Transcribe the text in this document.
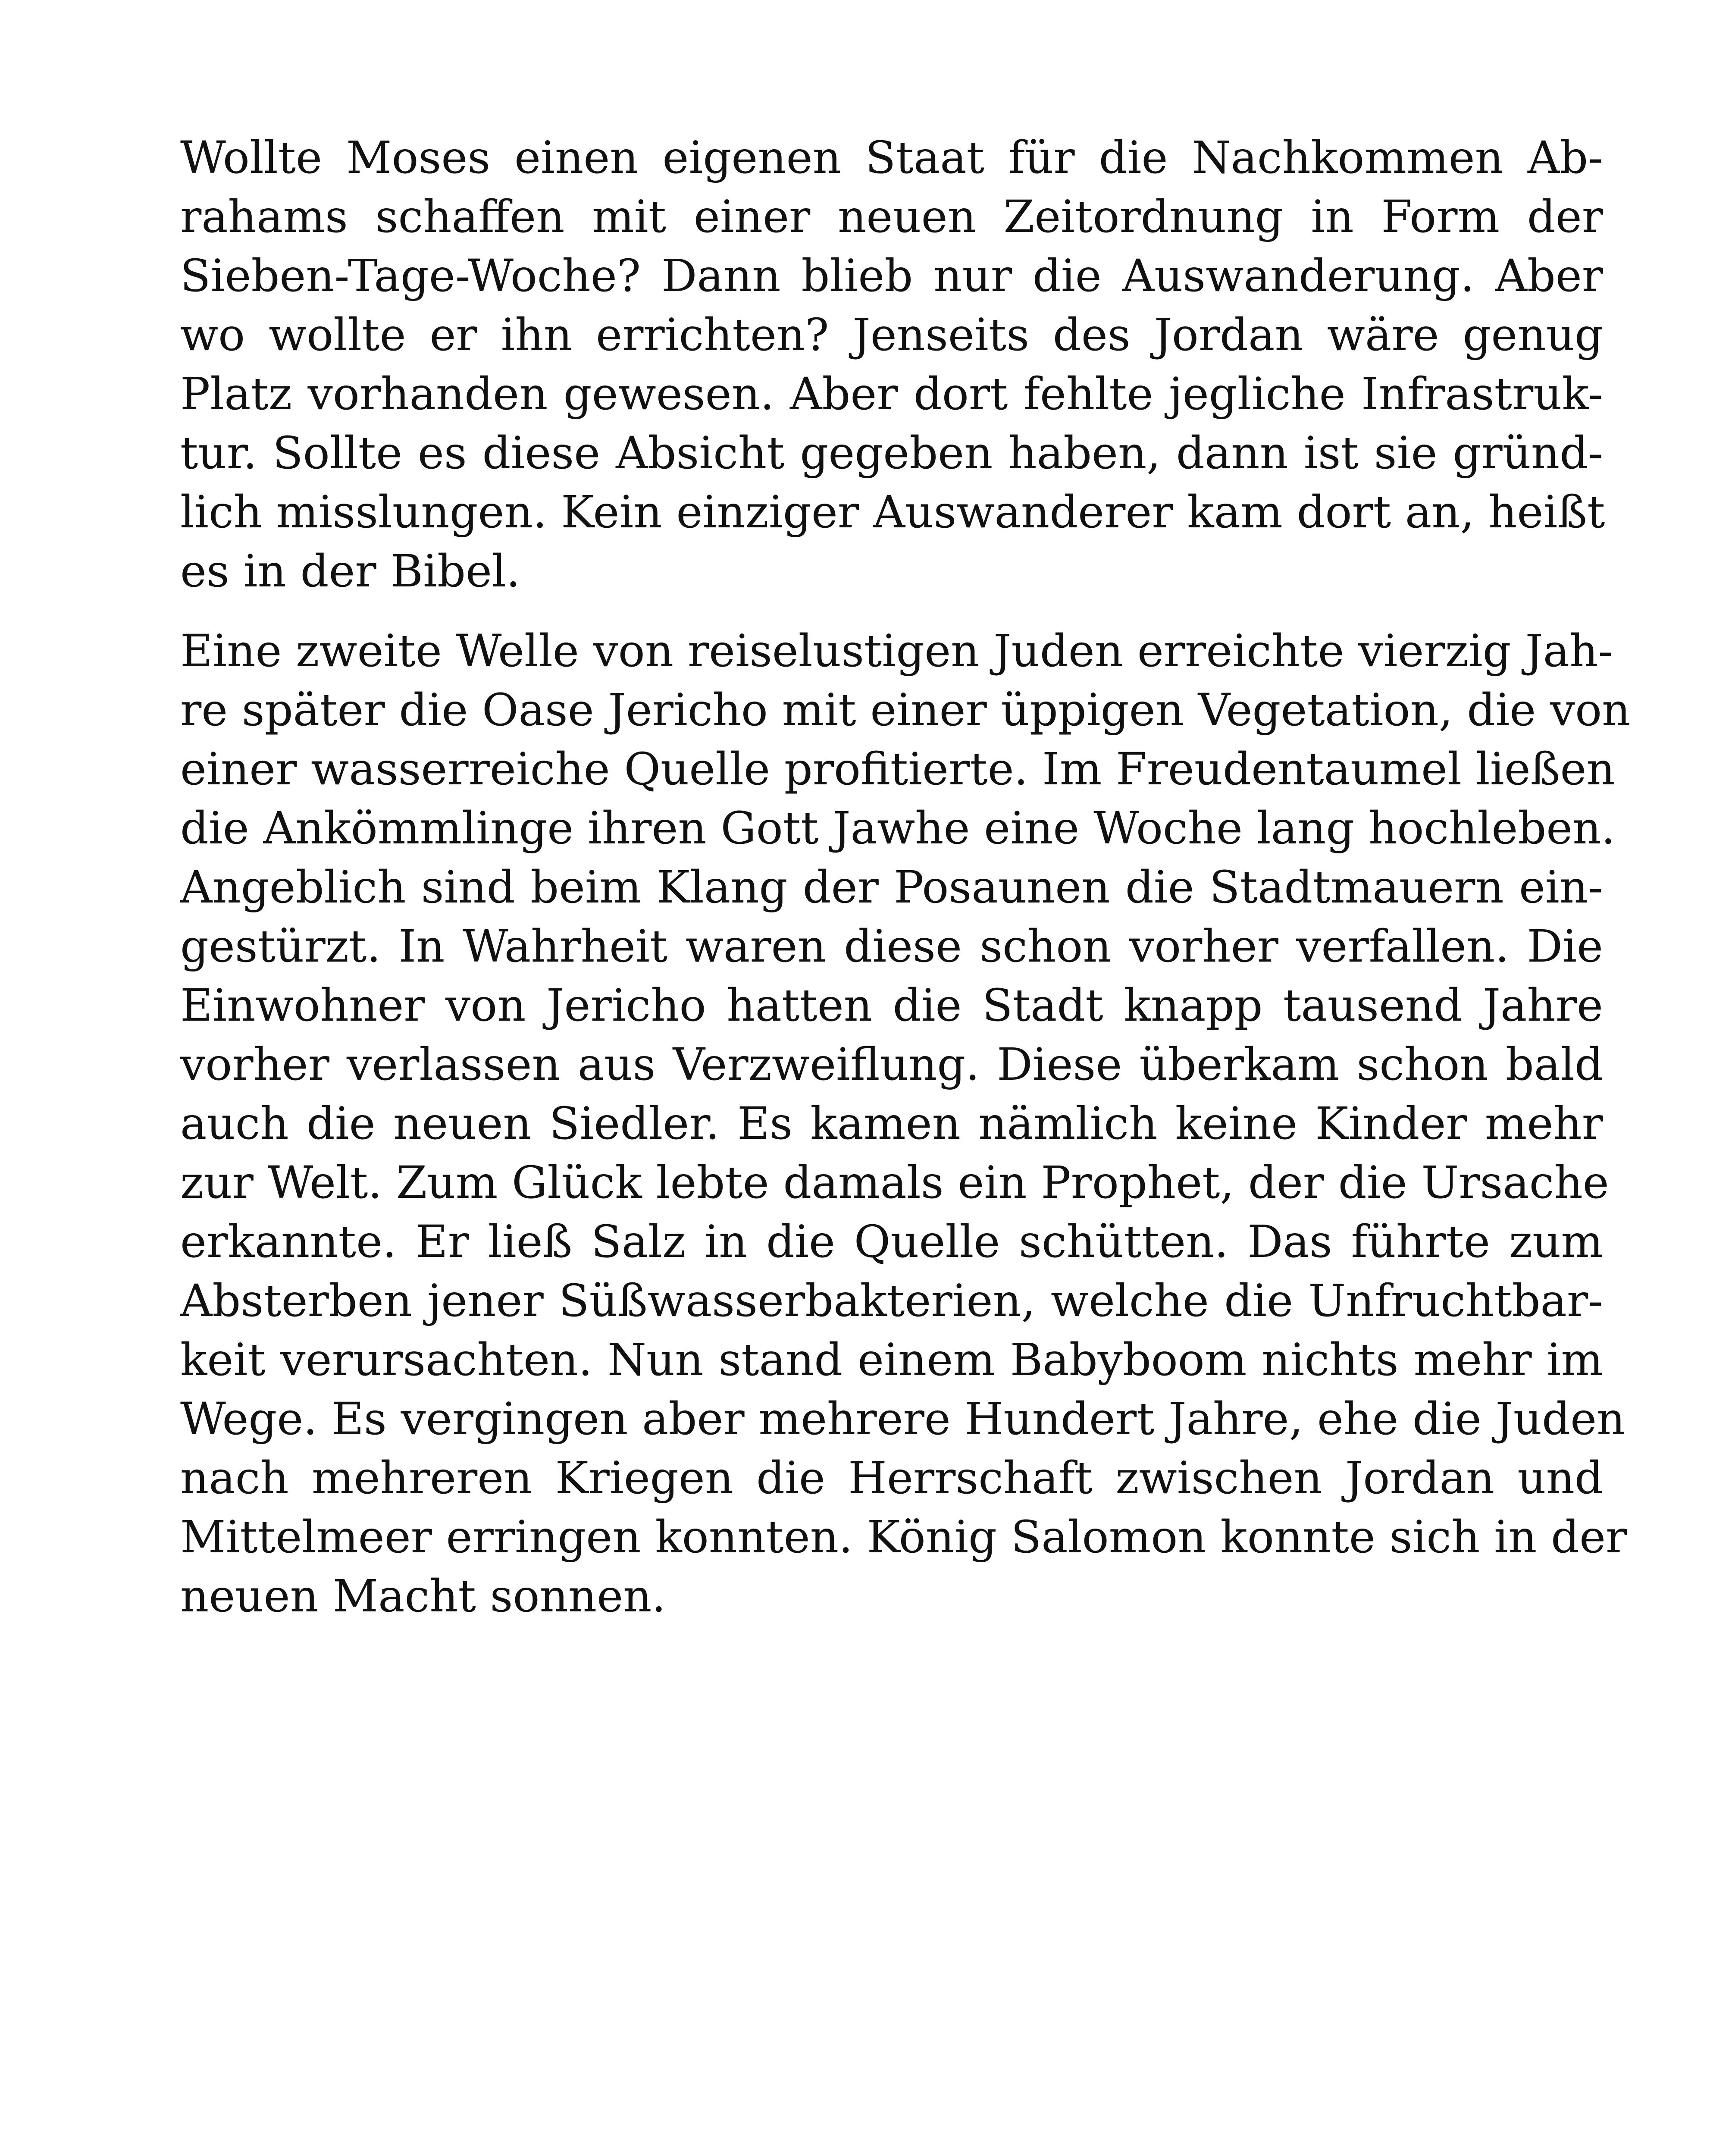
Wollte Moses einen eigenen Staat für die Nachkommen Ab-
rahams schaffen mit einer neuen Zeitordnung in Form der
Sieben-Tage-Woche? Dann blieb nur die Auswanderung. Aber
wo wollte er ihn errichten? Jenseits des Jordan wäre genug
Platz vorhanden gewesen. Aber dort fehlte jegliche Infrastruk-
tur. Sollte es diese Absicht gegeben haben, dann ist sie gründ-
lich misslungen. Kein einziger Auswanderer kam dort an, heißt
es in der Bibel.
Eine zweite Welle von reiselustigen Juden erreichte vierzig Jah-
re später die Oase Jericho mit einer üppigen Vegetation, die von
einer wasserreiche Quelle profitierte. Im Freudentaumel ließen
die Ankömmlinge ihren Gott Jawhe eine Woche lang hochleben.
Angeblich sind beim Klang der Posaunen die Stadtmauern ein-
gestürzt. In Wahrheit waren diese schon vorher verfallen. Die
Einwohner von Jericho hatten die Stadt knapp tausend Jahre
vorher verlassen aus Verzweiflung. Diese überkam schon bald
auch die neuen Siedler. Es kamen nämlich keine Kinder mehr
zur Welt. Zum Glück lebte damals ein Prophet, der die Ursache
erkannte. Er ließ Salz in die Quelle schütten. Das führte zum
Absterben jener Süßwasserbakterien, welche die Unfruchtbar-
keit verursachten. Nun stand einem Babyboom nichts mehr im
Wege. Es vergingen aber mehrere Hundert Jahre, ehe die Juden
nach mehreren Kriegen die Herrschaft zwischen Jordan und
Mittelmeer erringen konnten. König Salomon konnte sich in der
neuen Macht sonnen.
